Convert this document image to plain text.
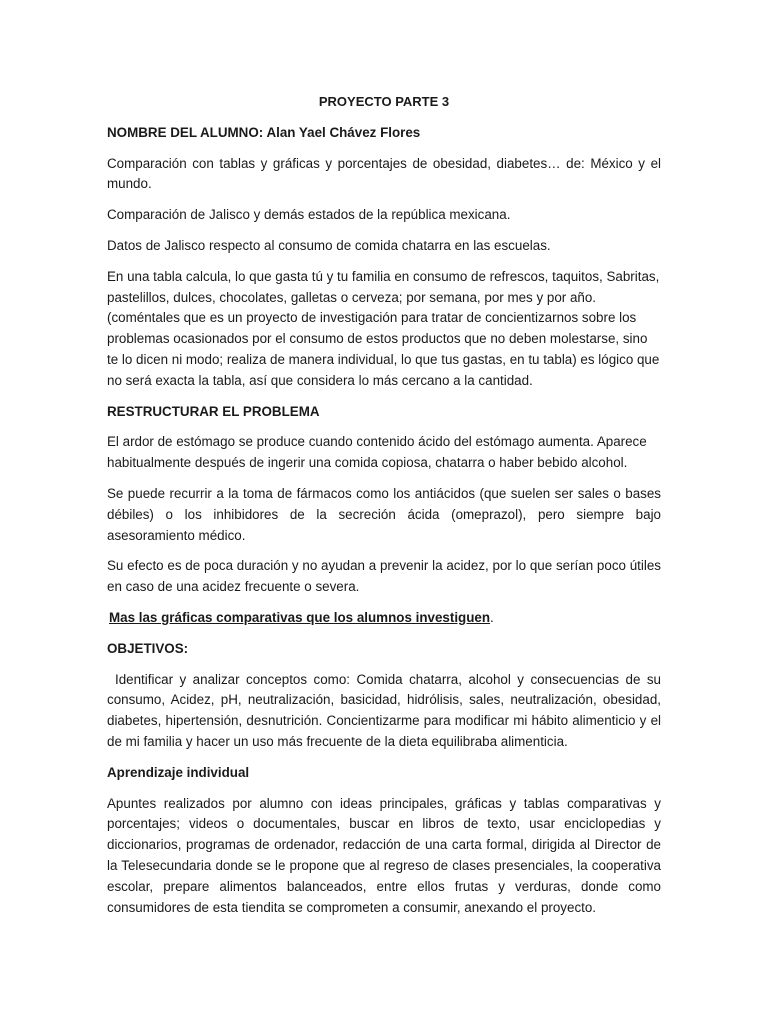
PROYECTO PARTE 3

NOMBRE DEL ALUMNO: Alan Yael Chávez Flores

Comparación con tablas y gráficas y porcentajes de obesidad, diabetes… de: México y el mundo.

Comparación de Jalisco y demás estados de la república mexicana.

Datos de Jalisco respecto al consumo de comida chatarra en las escuelas.

En una tabla calcula, lo que gasta tú y tu familia en consumo de refrescos, taquitos, Sabritas, pastelillos, dulces, chocolates, galletas o cerveza; por semana, por mes y por año. (coméntales que es un proyecto de investigación para tratar de concientizarnos sobre los problemas ocasionados por el consumo de estos productos que no deben molestarse, sino te lo dicen ni modo; realiza de manera individual, lo que tus gastas, en tu tabla) es lógico que no será exacta la tabla, así que considera lo más cercano a la cantidad.

RESTRUCTURAR EL PROBLEMA

El ardor de estómago se produce cuando contenido ácido del estómago aumenta. Aparece habitualmente después de ingerir una comida copiosa, chatarra o haber bebido alcohol.

Se puede recurrir a la toma de fármacos como los antiácidos (que suelen ser sales o bases débiles) o los inhibidores de la secreción ácida (omeprazol), pero siempre bajo asesoramiento médico.

Su efecto es de poca duración y no ayudan a prevenir la acidez, por lo que serían poco útiles en caso de una acidez frecuente o severa.

Mas las gráficas comparativas que los alumnos investiguen.

OBJETIVOS:

Identificar y analizar conceptos como: Comida chatarra, alcohol y consecuencias de su consumo, Acidez, pH, neutralización, basicidad, hidrólisis, sales, neutralización, obesidad, diabetes, hipertensión, desnutrición. Concientizarme para modificar mi hábito alimenticio y el de mi familia y hacer un uso más frecuente de la dieta equilibraba alimenticia.

Aprendizaje individual

Apuntes realizados por alumno con ideas principales, gráficas y tablas comparativas y porcentajes; videos o documentales, buscar en libros de texto, usar enciclopedias y diccionarios, programas de ordenador, redacción de una carta formal, dirigida al Director de la Telesecundaria donde se le propone que al regreso de clases presenciales, la cooperativa escolar, prepare alimentos balanceados, entre ellos frutas y verduras, donde como consumidores de esta tiendita se comprometen a consumir, anexando el proyecto.
